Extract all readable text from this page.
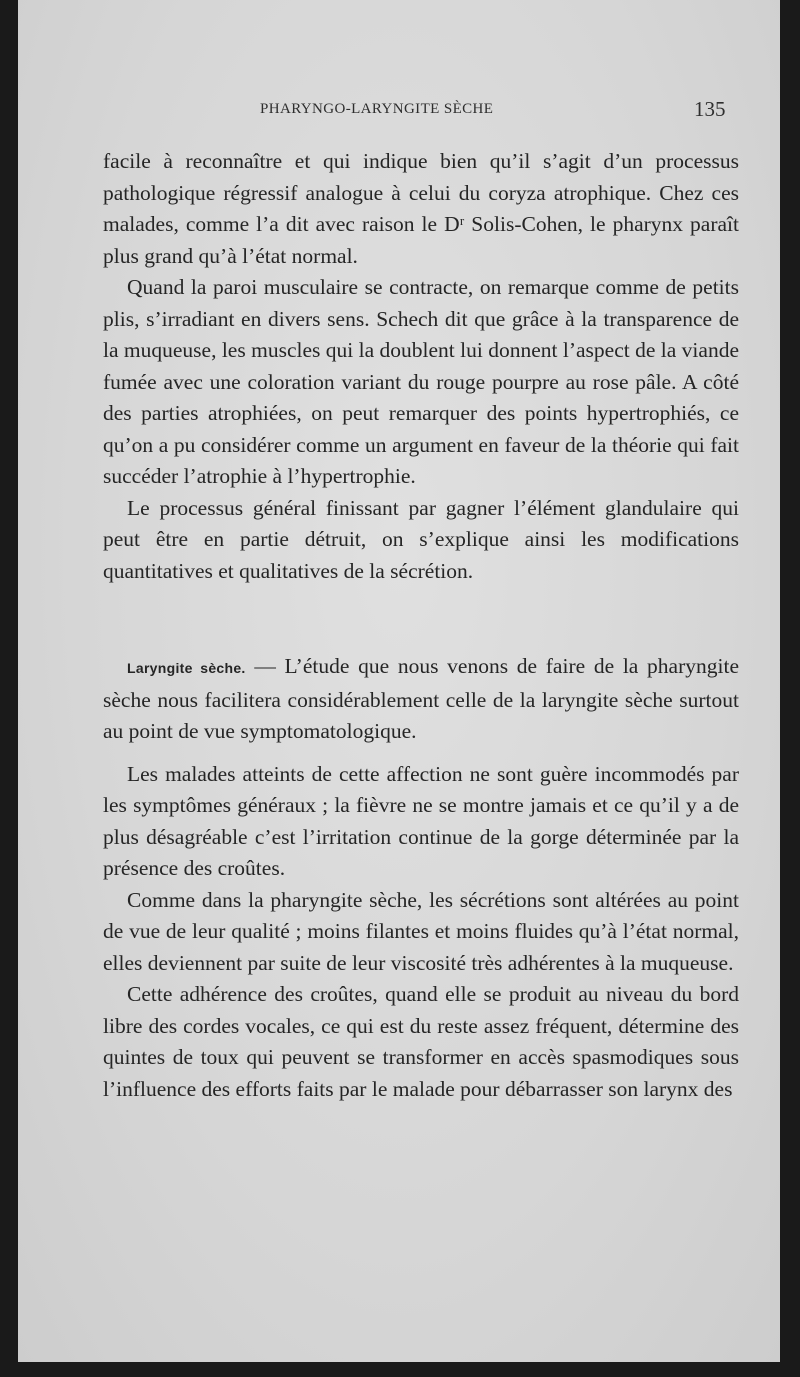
PHARYNGO-LARYNGITE SÈCHE	135

facile à reconnaître et qui indique bien qu’il s’agit d’un processus pathologique régressif analogue à celui du coryza atrophique. Chez ces malades, comme l’a dit avec raison le Dʳ Solis-Cohen, le pharynx paraît plus grand qu’à l’état normal.

Quand la paroi musculaire se contracte, on remarque comme de petits plis, s’irradiant en divers sens. Schech dit que grâce à la transparence de la muqueuse, les muscles qui la doublent lui donnent l’aspect de la viande fumée avec une coloration variant du rouge pourpre au rose pâle. A côté des parties atrophiées, on peut remarquer des points hypertrophiés, ce qu’on a pu considérer comme un argument en faveur de la théorie qui fait succéder l’atrophie à l’hypertrophie.

Le processus général finissant par gagner l’élément glandulaire qui peut être en partie détruit, on s’explique ainsi les modifications quantitatives et qualitatives de la sécrétion.

Laryngite sèche. — L’étude que nous venons de faire de la pharyngite sèche nous facilitera considérablement celle de la laryngite sèche surtout au point de vue symptomatologique.

Les malades atteints de cette affection ne sont guère incommodés par les symptômes généraux ; la fièvre ne se montre jamais et ce qu’il y a de plus désagréable c’est l’irritation continue de la gorge déterminée par la présence des croûtes.

Comme dans la pharyngite sèche, les sécrétions sont altérées au point de vue de leur qualité ; moins filantes et moins fluides qu’à l’état normal, elles deviennent par suite de leur viscosité très adhérentes à la muqueuse.

Cette adhérence des croûtes, quand elle se produit au niveau du bord libre des cordes vocales, ce qui est du reste assez fréquent, détermine des quintes de toux qui peuvent se transformer en accès spasmodiques sous l’influence des efforts faits par le malade pour débarrasser son larynx des
